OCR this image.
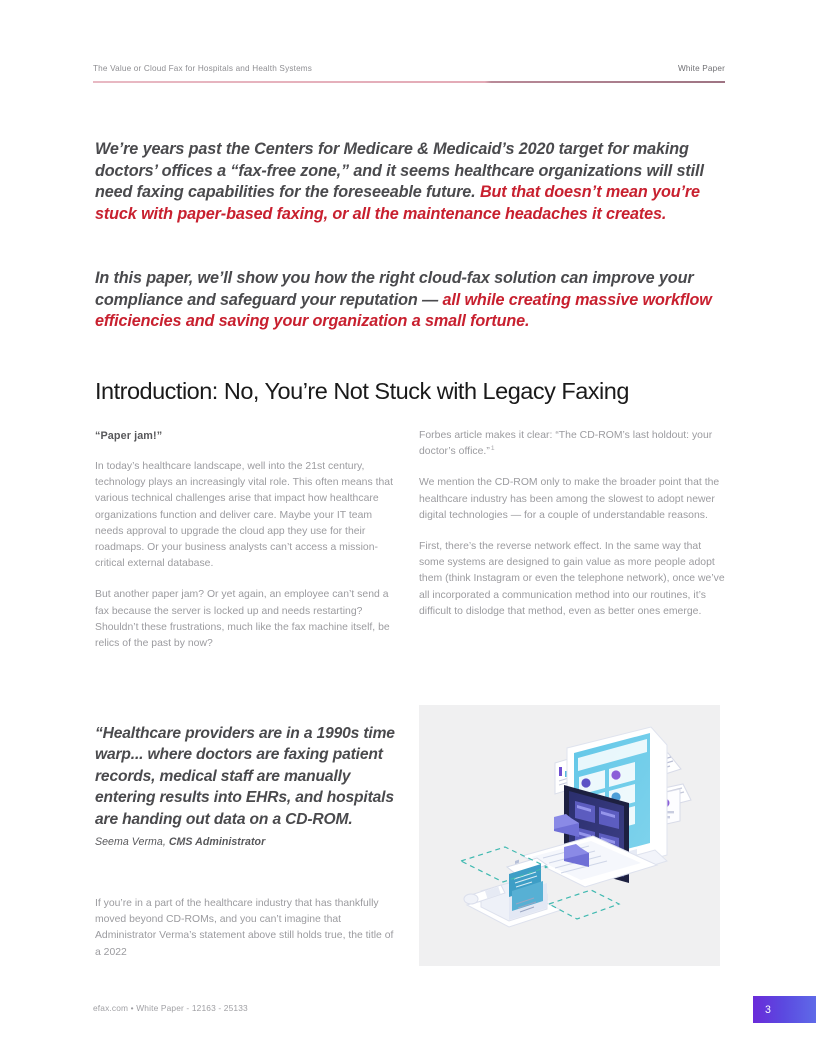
The Value or Cloud Fax for Hospitals and Health Systems	White Paper
We’re years past the Centers for Medicare & Medicaid’s 2020 target for making doctors’ offices a “fax-free zone,” and it seems healthcare organizations will still need faxing capabilities for the foreseeable future. But that doesn’t mean you’re stuck with paper-based faxing, or all the maintenance headaches it creates.
In this paper, we’ll show you how the right cloud-fax solution can improve your compliance and safeguard your reputation — all while creating massive workflow efficiencies and saving your organization a small fortune.
Introduction: No, You’re Not Stuck with Legacy Faxing

“Paper jam!”

In today’s healthcare landscape, well into the 21st century, technology plays an increasingly vital role. This often means that various technical challenges arise that impact how healthcare organizations function and deliver care. Maybe your IT team needs approval to upgrade the cloud app they use for their roadmaps. Or your business analysts can’t access a mission-critical external database.

But another paper jam? Or yet again, an employee can’t send a fax because the server is locked up and needs restarting? Shouldn’t these frustrations, much like the fax machine itself, be relics of the past by now?

Forbes article makes it clear: “The CD-ROM’s last holdout: your doctor’s office.”$^1$

We mention the CD-ROM only to make the broader point that the healthcare industry has been among the slowest to adopt newer digital technologies — for a couple of understandable reasons.

First, there’s the reverse network effect. In the same way that some systems are designed to gain value as more people adopt them (think Instagram or even the telephone network), once we’ve all incorporated a communication method into our routines, it’s difficult to dislodge that method, even as better ones emerge.

“Healthcare providers are in a 1990s time warp... where doctors are faxing patient records, medical staff are manually entering results into EHRs, and hospitals are handing out data on a CD-ROM.

Seema Verma, CMS Administrator

If you’re in a part of the healthcare industry that has thankfully moved beyond CD-ROMs, and you can’t imagine that Administrator Verma’s statement above still holds true, the title of a 2022

efax.com • White Paper - 12163 - 25133	3
